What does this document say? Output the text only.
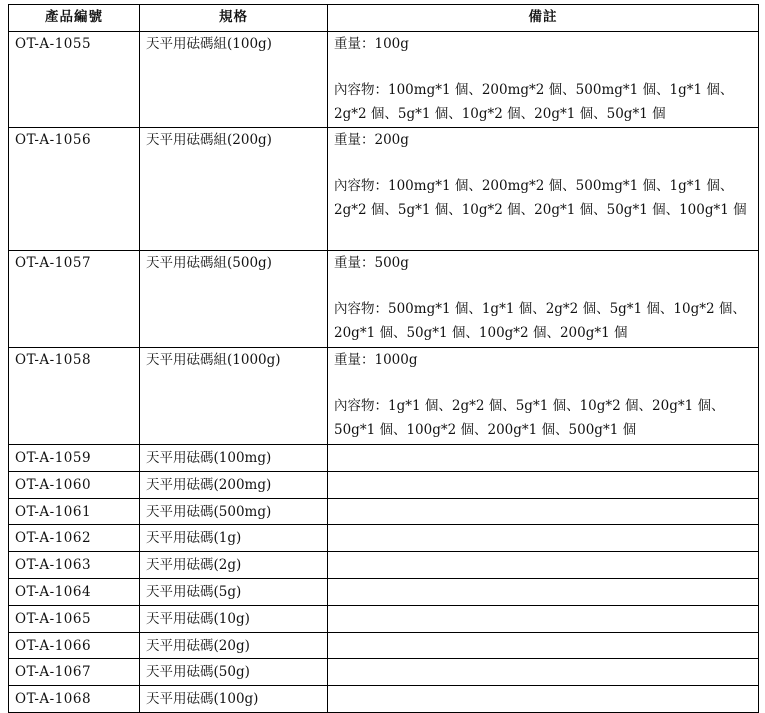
產品編號	規格	備註
OT-A-1055	天平用砝碼組(100g)	重量：100g
內容物：100mg*1 個、200mg*2 個、500mg*1 個、1g*1 個、2g*2 個、5g*1 個、10g*2 個、20g*1 個、50g*1 個

OT-A-1056	天平用砝碼組(200g)	重量：200g
內容物：100mg*1 個、200mg*2 個、500mg*1 個、1g*1 個、2g*2 個、5g*1 個、10g*2 個、20g*1 個、50g*1 個、100g*1 個

OT-A-1057	天平用砝碼組(500g)	重量：500g
內容物：500mg*1 個、1g*1 個、2g*2 個、5g*1 個、10g*2 個、20g*1 個、50g*1 個、100g*2 個、200g*1 個

OT-A-1058	天平用砝碼組(1000g)	重量：1000g
內容物：1g*1 個、2g*2 個、5g*1 個、10g*2 個、20g*1 個、50g*1 個、100g*2 個、200g*1 個、500g*1 個

OT-A-1059	天平用砝碼(100mg)	
OT-A-1060	天平用砝碼(200mg)	
OT-A-1061	天平用砝碼(500mg)	
OT-A-1062	天平用砝碼(1g)	
OT-A-1063	天平用砝碼(2g)	
OT-A-1064	天平用砝碼(5g)	
OT-A-1065	天平用砝碼(10g)	
OT-A-1066	天平用砝碼(20g)	
OT-A-1067	天平用砝碼(50g)	
OT-A-1068	天平用砝碼(100g)	
